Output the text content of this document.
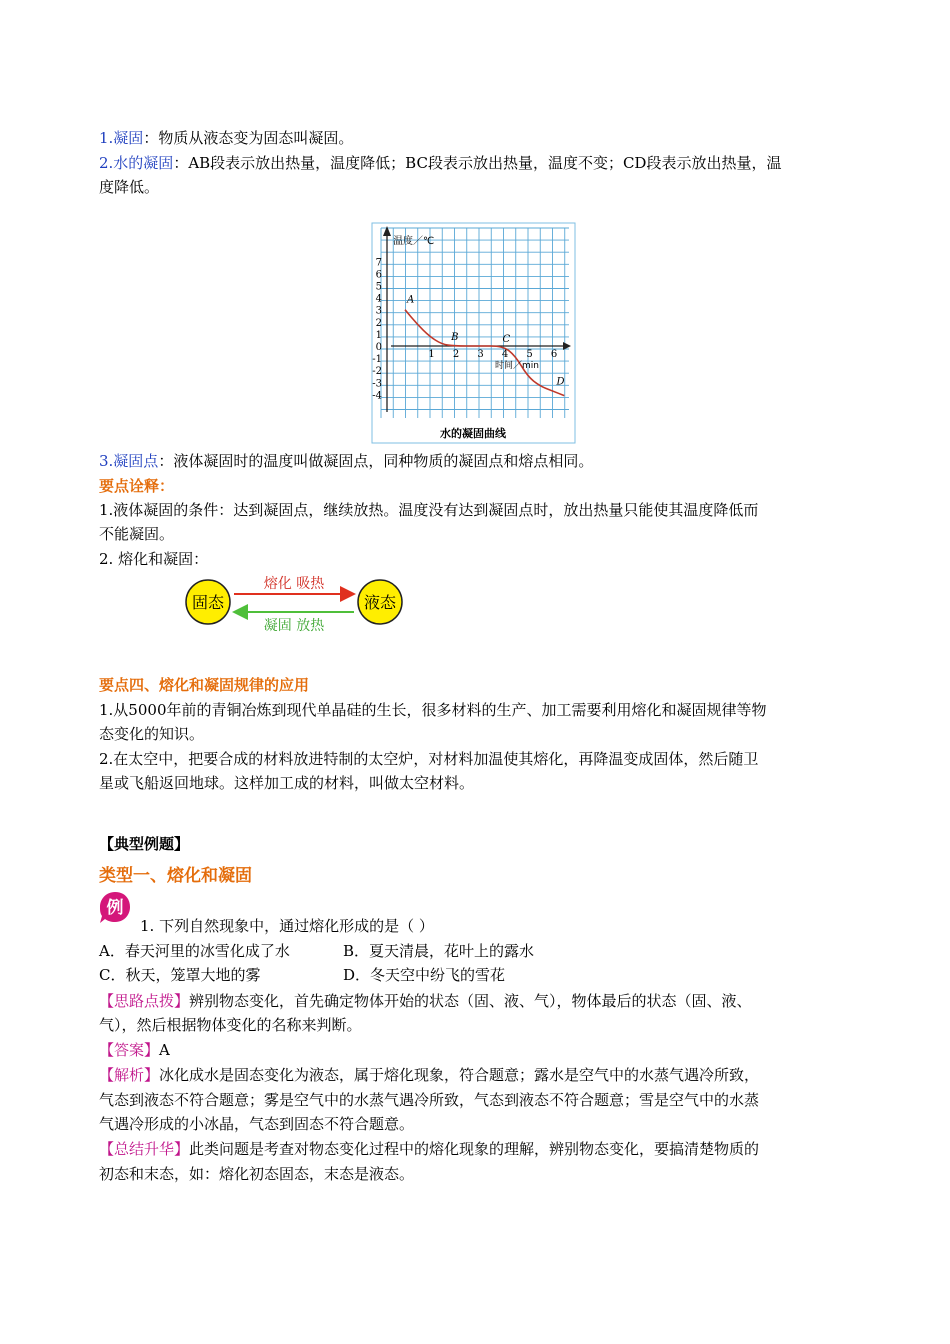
1.凝固：物质从液态变为固态叫凝固。
2.水的凝固：AB段表示放出热量，温度降低；BC段表示放出热量，温度不变；CD段表示放出热量，温
度降低。
1 2 3 4 5 6
7
6
5
4
3
2
1
0
-1
-2
-3
-4
A
B	C
D
温度／℃
时间／min
水的凝固曲线
3.凝固点：液体凝固时的温度叫做凝固点，同种物质的凝固点和熔点相同。
要点诠释：
1.液体凝固的条件：达到凝固点，继续放热。温度没有达到凝固点时，放出热量只能使其温度降低而
不能凝固。
2. 熔化和凝固：
固态	液态
熔化 吸热
凝固 放热
要点四、熔化和凝固规律的应用
1.从5000年前的青铜冶炼到现代单晶硅的生长，很多材料的生产、加工需要利用熔化和凝固规律等物
态变化的知识。
2.在太空中，把要合成的材料放进特制的太空炉，对材料加温使其熔化，再降温变成固体，然后随卫
星或飞船返回地球。这样加工成的材料，叫做太空材料。
【典型例题】
类型一、熔化和凝固
例
1. 下列自然现象中，通过熔化形成的是（ ）
A．春天河里的冰雪化成了水	B．夏天清晨，花叶上的露水
C．秋天，笼罩大地的雾	D．冬天空中纷飞的雪花
【思路点拨】辨别物态变化，首先确定物体开始的状态（固、液、气），物体最后的状态（固、液、
气），然后根据物体变化的名称来判断。
【答案】A
【解析】冰化成水是固态变化为液态，属于熔化现象，符合题意；露水是空气中的水蒸气遇冷所致，
气态到液态不符合题意；雾是空气中的水蒸气遇冷所致，气态到液态不符合题意；雪是空气中的水蒸
气遇冷形成的小冰晶，气态到固态不符合题意。
【总结升华】此类问题是考查对物态变化过程中的熔化现象的理解，辨别物态变化，要搞清楚物质的
初态和末态，如：熔化初态固态，末态是液态。
